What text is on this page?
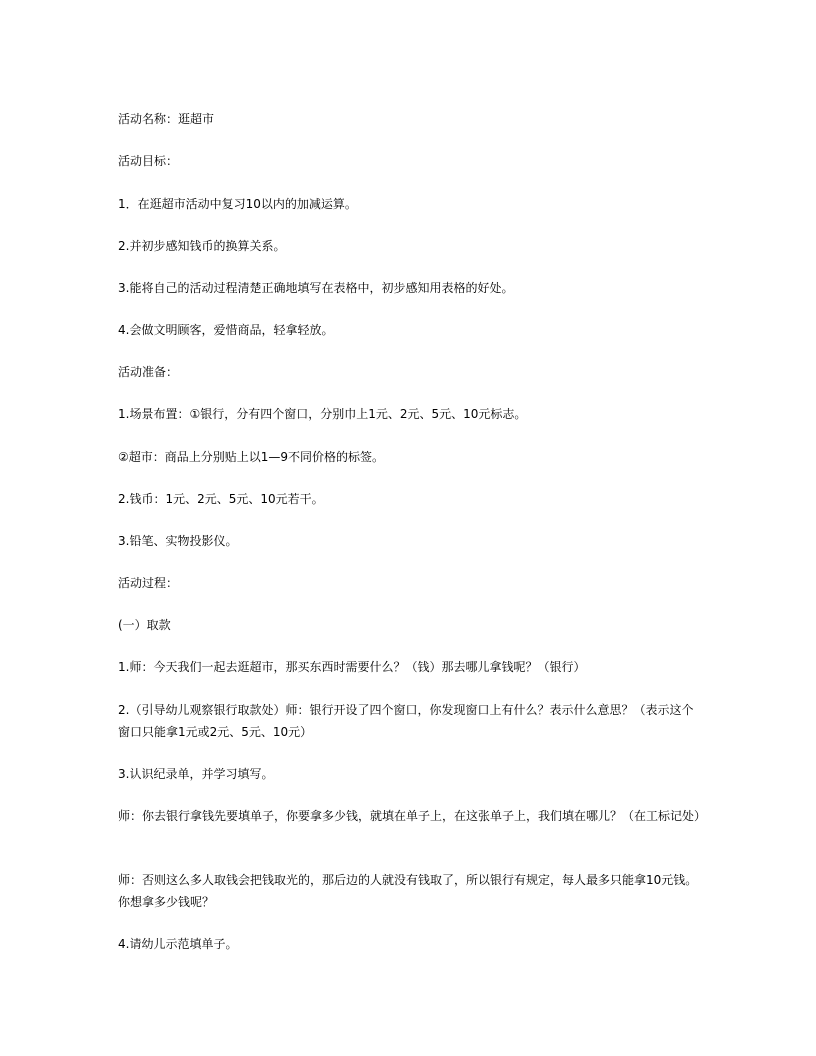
活动名称：逛超市
活动目标：
1．在逛超市活动中复习10以内的加减运算。
2.并初步感知钱币的换算关系。
3.能将自己的活动过程清楚正确地填写在表格中，初步感知用表格的好处。
4.会做文明顾客，爱惜商品，轻拿轻放。
活动准备：
1.场景布置：①银行，分有四个窗口，分别巾上1元、2元、5元、10元标志。
②超市：商品上分别贴上以1—9不同价格的标签。
2.钱币：1元、2元、5元、10元若干。
3.铅笔、实物投影仪。
活动过程：
(一）取款
1.师：今天我们一起去逛超市，那买东西时需要什么？（钱）那去哪儿拿钱呢？（银行）
2.（引导幼儿观察银行取款处）师：银行开设了四个窗口，你发现窗口上有什么？表示什么意思？（表示这个窗口只能拿1元或2元、5元、10元）
3.认识纪录单，并学习填写。
师：你去银行拿钱先要填单子，你要拿多少钱，就填在单子上，在这张单子上，我们填在哪儿？（在工标记处）
师：否则这么多人取钱会把钱取光的，那后边的人就没有钱取了，所以银行有规定，每人最多只能拿10元钱。你想拿多少钱呢？
4.请幼儿示范填单子。
